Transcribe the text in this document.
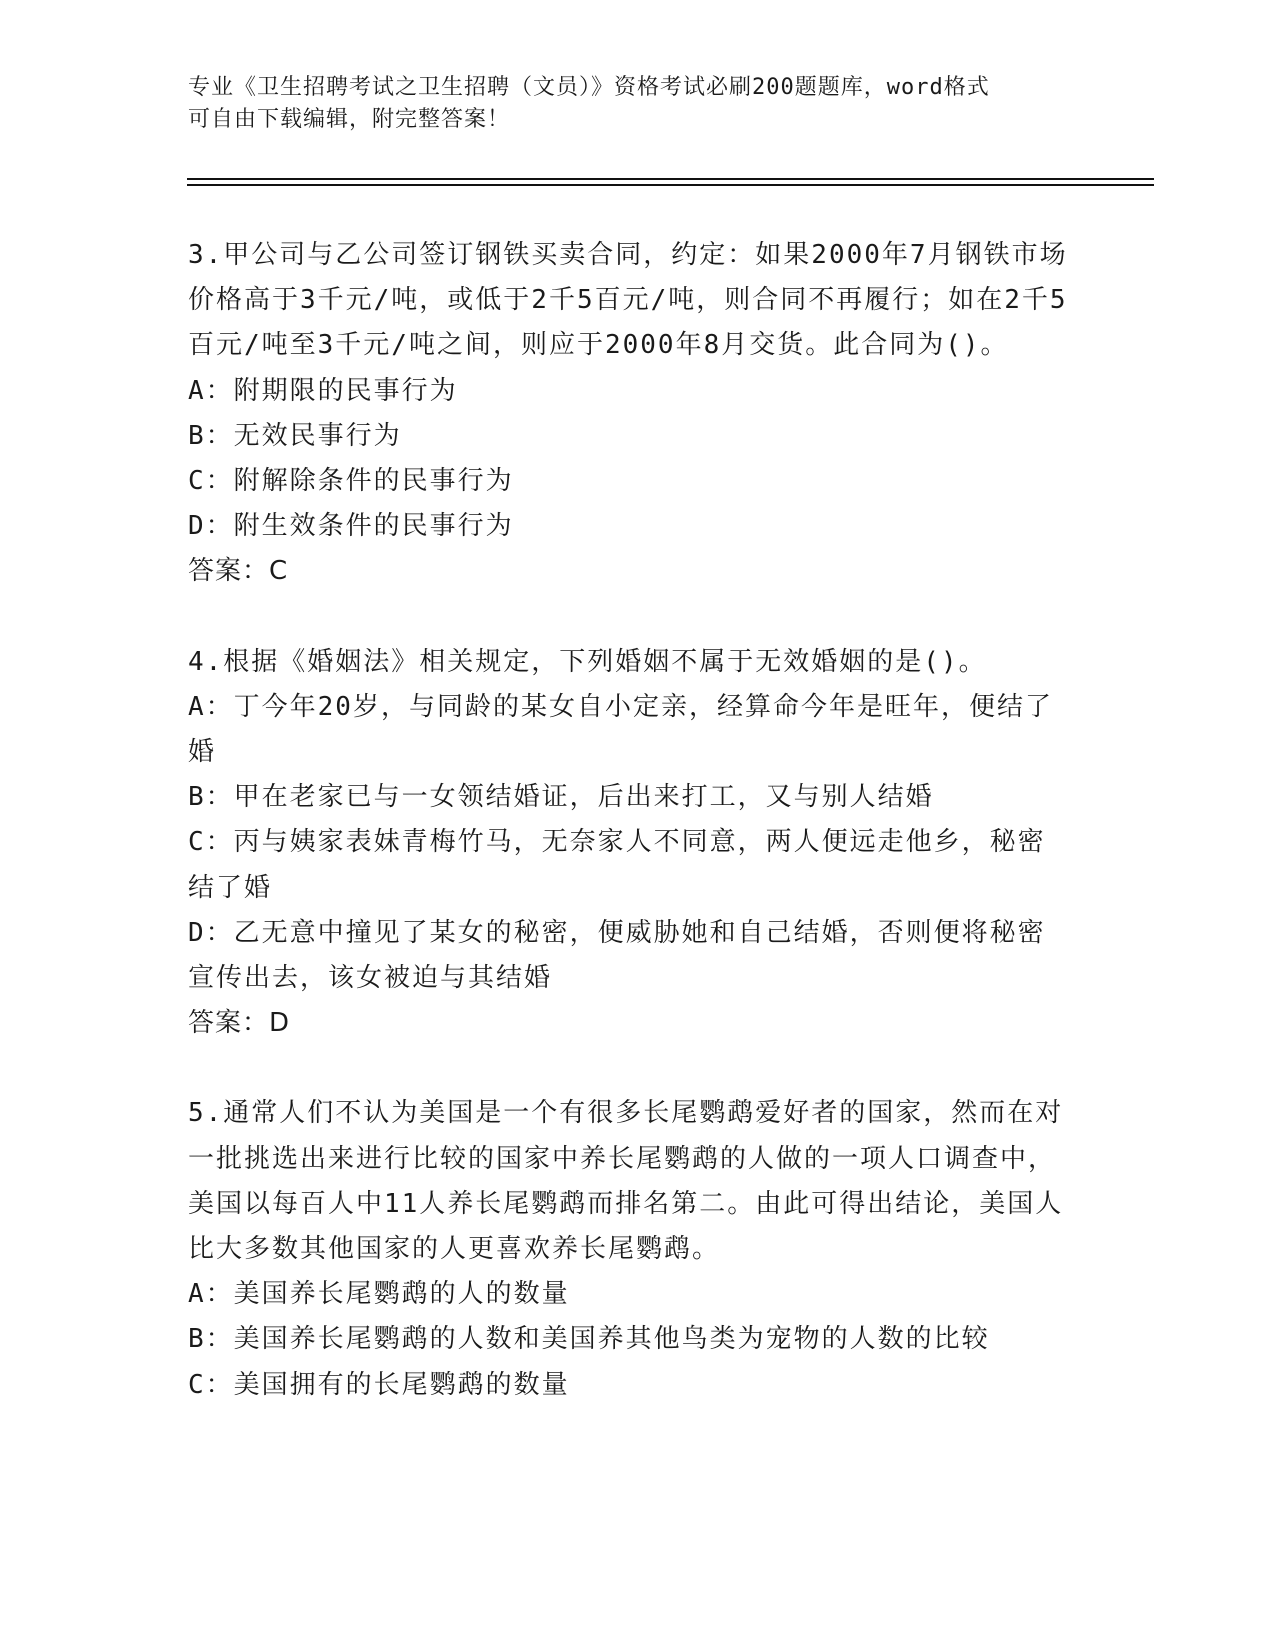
专业《卫生招聘考试之卫生招聘（文员）》资格考试必刷200题题库，word格式
可自由下载编辑，附完整答案！
3.甲公司与乙公司签订钢铁买卖合同，约定：如果2000年7月钢铁市场价格高于3千元/吨，或低于2千5百元/吨，则合同不再履行；如在2千5百元/吨至3千元/吨之间，则应于2000年8月交货。此合同为()。
A：附期限的民事行为
B：无效民事行为
C：附解除条件的民事行为
D：附生效条件的民事行为
答案：C
4.根据《婚姻法》相关规定，下列婚姻不属于无效婚姻的是()。
A：丁今年20岁，与同龄的某女自小定亲，经算命今年是旺年，便结了婚
B：甲在老家已与一女领结婚证，后出来打工，又与别人结婚
C：丙与姨家表妹青梅竹马，无奈家人不同意，两人便远走他乡，秘密结了婚
D：乙无意中撞见了某女的秘密，便威胁她和自己结婚，否则便将秘密宣传出去，该女被迫与其结婚
答案：D
5.通常人们不认为美国是一个有很多长尾鹦鹉爱好者的国家，然而在对一批挑选出来进行比较的国家中养长尾鹦鹉的人做的一项人口调查中，美国以每百人中11人养长尾鹦鹉而排名第二。由此可得出结论，美国人比大多数其他国家的人更喜欢养长尾鹦鹉。
A：美国养长尾鹦鹉的人的数量
B：美国养长尾鹦鹉的人数和美国养其他鸟类为宠物的人数的比较
C：美国拥有的长尾鹦鹉的数量
